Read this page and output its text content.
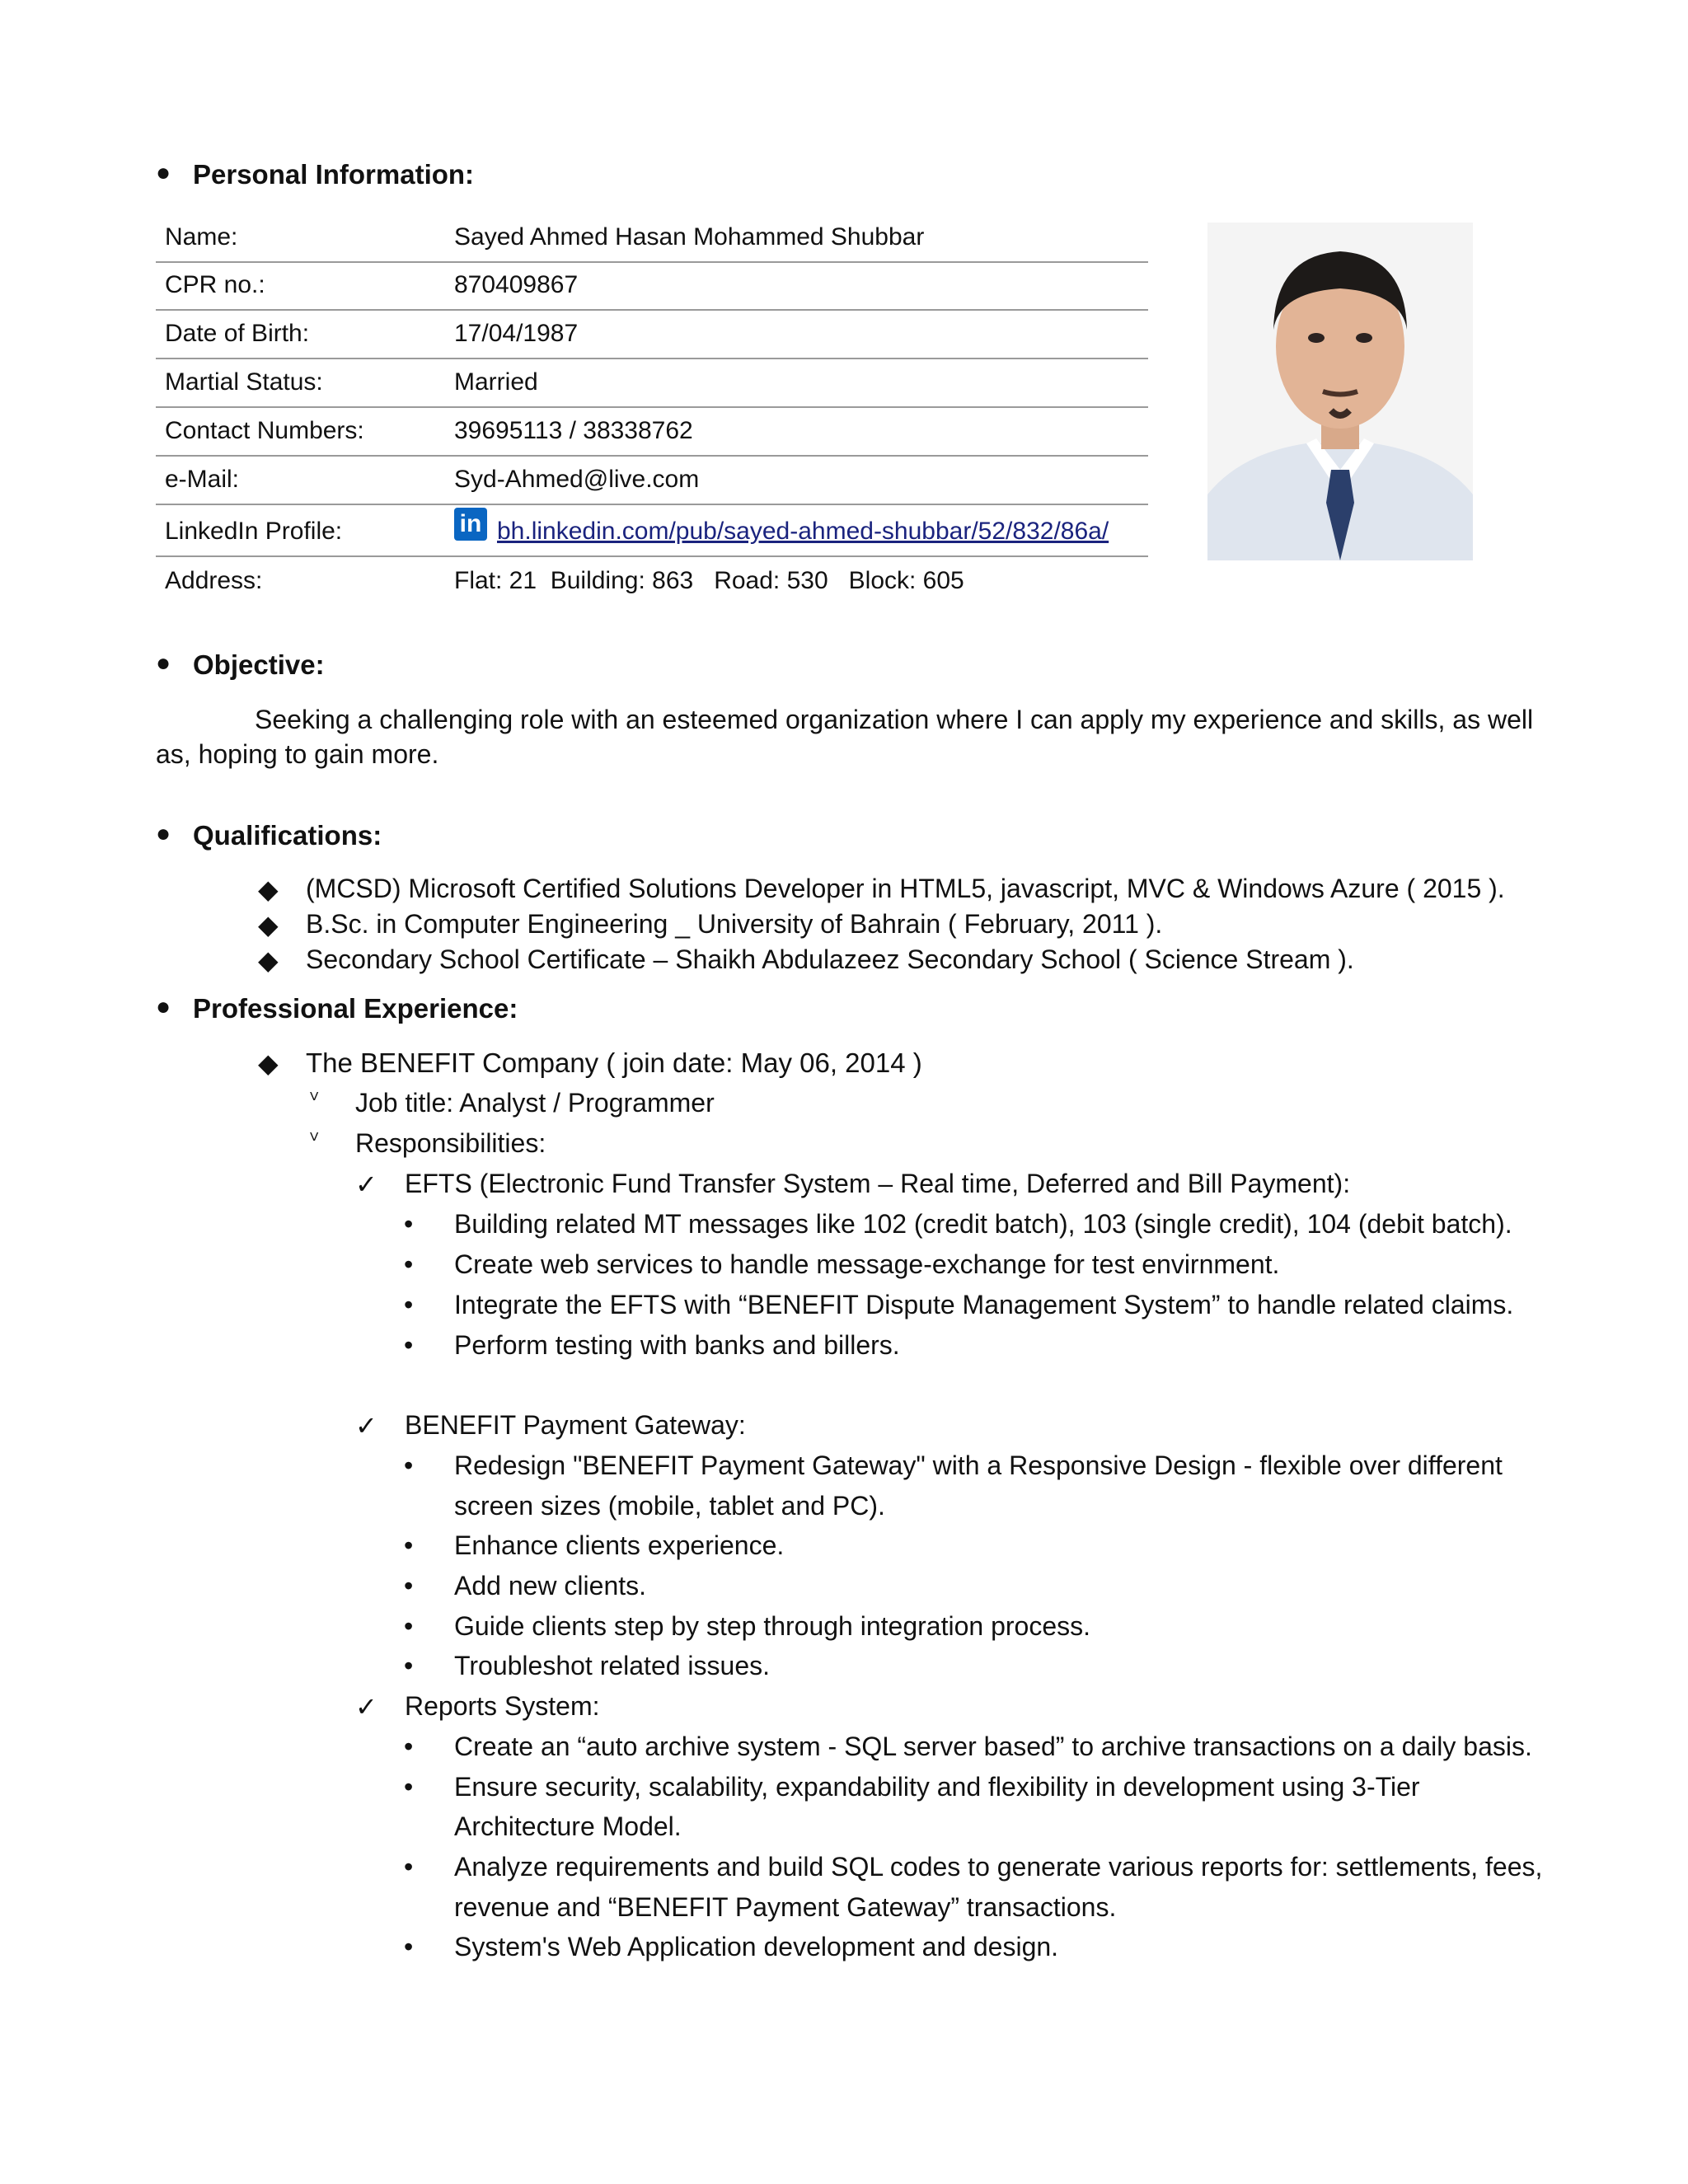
● Personal Information:
Name:	Sayed Ahmed Hasan Mohammed Shubbar
CPR no.:	870409867
Date of Birth:	17/04/1987
Martial Status:	Married
Contact Numbers:	39695113 / 38338762
e-Mail:	Syd-Ahmed@live.com
LinkedIn Profile:	in bh.linkedin.com/pub/sayed-ahmed-shubbar/52/832/86a/
Address:	Flat: 21  Building: 863   Road: 530   Block: 605
● Objective:
Seeking a challenging role with an esteemed organization where I can apply my experience and skills, as well
as, hoping to gain more.
● Qualifications:
◆ (MCSD) Microsoft Certified Solutions Developer in HTML5, javascript, MVC & Windows Azure ( 2015 ).
◆ B.Sc. in Computer Engineering _ University of Bahrain ( February, 2011 ).
◆ Secondary School Certificate – Shaikh Abdulazeez Secondary School ( Science Stream ).
● Professional Experience:
◆ The BENEFIT Company ( join date: May 06, 2014 )
ⱽ Job title: Analyst / Programmer
ⱽ Responsibilities:
✓ EFTS (Electronic Fund Transfer System – Real time, Deferred and Bill Payment):
• Building related MT messages like 102 (credit batch), 103 (single credit), 104 (debit batch).
• Create web services to handle message-exchange for test envirnment.
• Integrate the EFTS with “BENEFIT Dispute Management System” to handle related claims.
• Perform testing with banks and billers.
✓ BENEFIT Payment Gateway:
• Redesign "BENEFIT Payment Gateway" with a Responsive Design - flexible over different
screen sizes (mobile, tablet and PC).
• Enhance clients experience.
• Add new clients.
• Guide clients step by step through integration process.
• Troubleshot related issues.
✓ Reports System:
• Create an “auto archive system - SQL server based” to archive transactions on a daily basis.
• Ensure security, scalability, expandability and flexibility in development using 3-Tier
Architecture Model.
• Analyze requirements and build SQL codes to generate various reports for: settlements, fees,
revenue and “BENEFIT Payment Gateway” transactions.
• System's Web Application development and design.
